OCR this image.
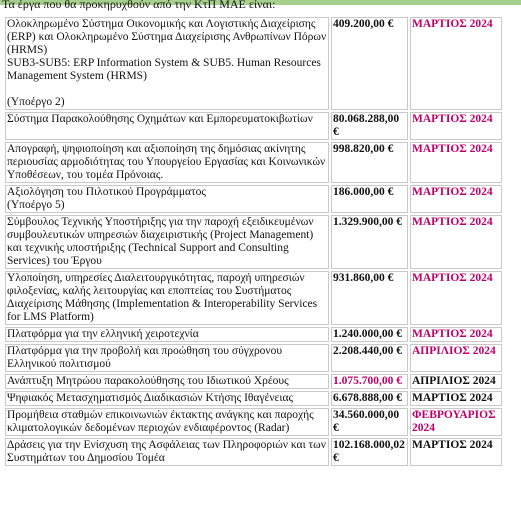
Τα έργα που θα προκηρυχθούν από την ΚτΠ ΜΑΕ είναι:
Ολοκληρωμένο Σύστημα Οικονομικής και Λογιστικής Διαχείρισης (ERP) και Ολοκληρωμένο Σύστημα Διαχείρισης Ανθρωπίνων Πόρων (HRMS)
SUB3-SUB5: ERP Information System & SUB5. Human Resources Management System (HRMS)

(Υποέργο 2)	409.200,00 €	ΜΑΡΤΙΟΣ 2024
Σύστημα Παρακολούθησης Οχημάτων και Εμπορευματοκιβωτίων	80.068.288,00 €	ΜΑΡΤΙΟΣ 2024
Απογραφή, ψηφιοποίηση και αξιοποίηση της δημόσιας ακίνητης περιουσίας αρμοδιότητας του Υπουργείου Εργασίας και Κοινωνικών Υποθέσεων, του τομέα Πρόνοιας.	998.820,00 €	ΜΑΡΤΙΟΣ 2024
Αξιολόγηση του Πιλοτικού Προγράμματος
(Υποέργο 5)	186.000,00 €	ΜΑΡΤΙΟΣ 2024
Σύμβουλος Τεχνικής Υποστήριξης για την παροχή εξειδικευμένων συμβουλευτικών υπηρεσιών διαχειριστικής (Project Management) και τεχνικής υποστήριξης (Technical Support and Consulting Services) του Έργου	1.329.900,00 €	ΜΑΡΤΙΟΣ 2024
Υλοποίηση, υπηρεσίες Διαλειτουργικότητας, παροχή υπηρεσιών φιλοξενίας, καλής λειτουργίας και εποπτείας του Συστήματος Διαχείρισης Μάθησης (Implementation & Interoperability Services for LMS Platform)	931.860,00 €	ΜΑΡΤΙΟΣ 2024
Πλατφόρμα για την ελληνική χειροτεχνία	1.240.000,00 €	ΜΑΡΤΙΟΣ 2024
Πλατφόρμα για την προβολή και προώθηση του σύγχρονου Ελληνικού πολιτισμού	2.208.440,00 €	ΑΠΡΙΛΙΟΣ 2024
Ανάπτυξη Μητρώου παρακολούθησης του Ιδιωτικού Χρέους	1.075.700,00 €	ΑΠΡΙΛΙΟΣ 2024
Ψηφιακός Μετασχηματισμός Διαδικασιών Κτήσης Ιθαγένειας	6.678.888,00 €	ΜΑΡΤΙΟΣ 2024
Προμήθεια σταθμών επικοινωνιών έκτακτης ανάγκης και παροχής κλιματολογικών δεδομένων περιοχών ενδιαφέροντος (Radar)	34.560.000,00 €	ΦΕΒΡΟΥΑΡΙΟΣ 2024
Δράσεις για την Ενίσχυση της Ασφάλειας των Πληροφοριών και των Συστημάτων του Δημοσίου Τομέα	102.168.000,02 €	ΜΑΡΤΙΟΣ 2024
